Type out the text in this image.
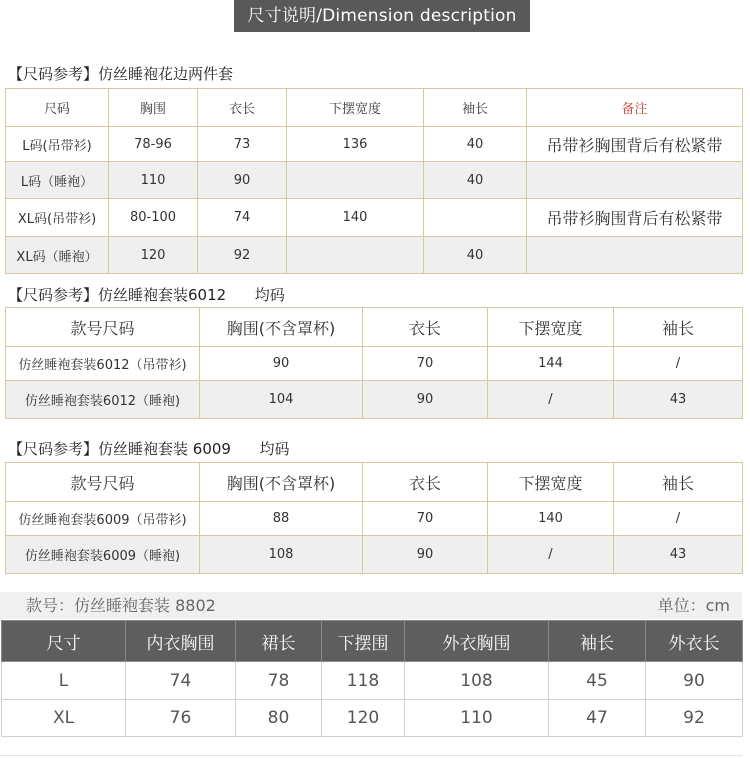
尺寸说明/Dimension description
【尺码参考】仿丝睡袍花边两件套
尺码	胸围	衣长	下摆宽度	袖长	备注
L码(吊带衫)	78-96	73	136	40	吊带衫胸围背后有松紧带
L码（睡袍）	110	90		40	
XL码(吊带衫)	80-100	74	140		吊带衫胸围背后有松紧带
XL码（睡袍）	120	92		40	
【尺码参考】仿丝睡袍套装6012      均码
款号尺码	胸围(不含罩杯)	衣长	下摆宽度	袖长
仿丝睡袍套装6012（吊带衫)	90	70	144	/
仿丝睡袍套装6012（睡袍)	104	90	/	43
【尺码参考】仿丝睡袍套装 6009      均码
款号尺码	胸围(不含罩杯)	衣长	下摆宽度	袖长
仿丝睡袍套装6009（吊带衫)	88	70	140	/
仿丝睡袍套装6009（睡袍)	108	90	/	43
款号：仿丝睡袍套装 8802	单位：cm
尺寸	内衣胸围	裙长	下摆围	外衣胸围	袖长	外衣长
L	74	78	118	108	45	90
XL	76	80	120	110	47	92
